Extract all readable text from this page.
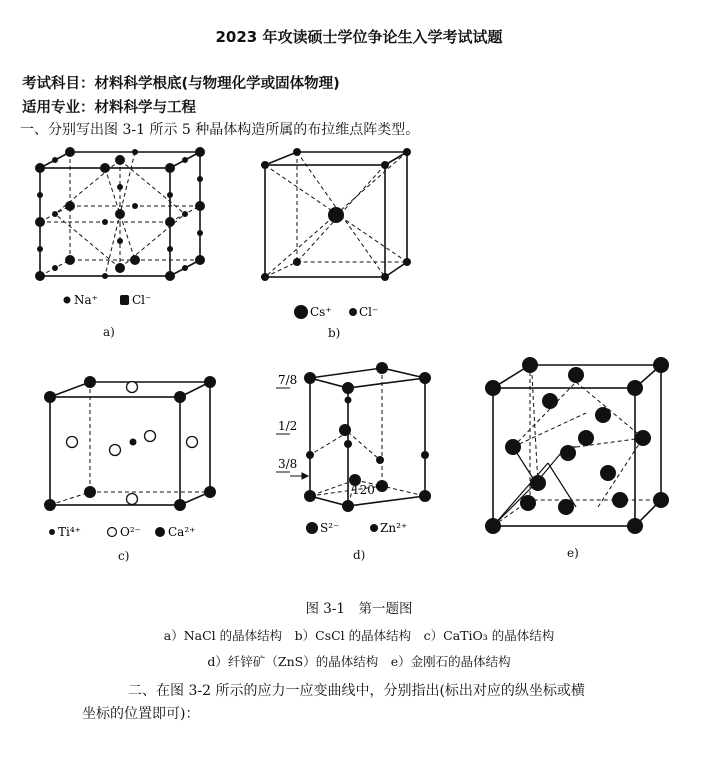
2023 年攻读硕士学位争论生入学考试试题
考试科目：材料科学根底(与物理化学或固体物理)
适用专业：材料科学与工程
一、分别写出图 3-1 所示 5 种晶体构造所属的布拉维点阵类型。
Na⁺	Cl⁻
a)
Cs⁺ Cl⁻
b)
Ti⁴⁺	O²⁻ Ca²⁺
c)
7/8
1/2
3/8
120°
S²⁻	Zn²⁺
d)	e)
图 3-1　第一题图
a）NaCl 的晶体结构　b）CsCl 的晶体结构　c）CaTiO₃ 的晶体结构
d）纤锌矿（ZnS）的晶体结构　e）金刚石的晶体结构
二、在图 3-2 所示的应力一应变曲线中，分别指出(标出对应的纵坐标或横
坐标的位置即可)：
